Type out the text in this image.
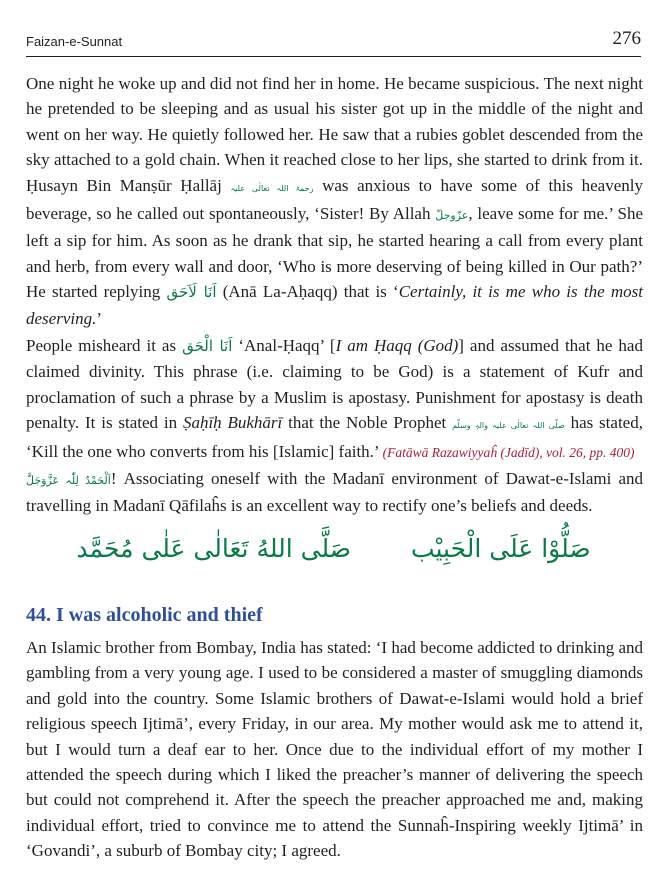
Faizan-e-Sunnat	276

One night he woke up and did not find her in home. He became suspicious. The next night he pretended to be sleeping and as usual his sister got up in the middle of the night and went on her way. He quietly followed her. He saw that a rubies goblet descended from the sky attached to a gold chain. When it reached close to her lips, she started to drink from it. Ḥusayn Bin Manṣūr Ḥallāj رحمۃ اللہ تعالٰی علیہ was anxious to have some of this heavenly beverage, so he called out spontaneously, ‘Sister! By Allah عزّوجلّ, leave some for me.’ She left a sip for him. As soon as he drank that sip, he started hearing a call from every plant and herb, from every wall and door, ‘Who is more deserving of being killed in Our path?’ He started replying اَنَا لَاَحَق (Anā La-Aḥaqq) that is ‘Certainly, it is me who is the most deserving.’

People misheard it as اَنَا الْحَق ‘Anal-Ḥaqq’ [I am Ḥaqq (God)] and assumed that he had claimed divinity. This phrase (i.e. claiming to be God) is a statement of Kufr and proclamation of such a phrase by a Muslim is apostasy. Punishment for apostasy is death penalty. It is stated in Ṣaḥīḥ Bukhārī that the Noble Prophet صلّی اللہ تعالٰی علیہ والہٖ وسلّم has stated, ‘Kill the one who converts from his [Islamic] faith.’ (Fatāwā Razawiyyaĥ (Jadīd), vol. 26, pp. 400)

اَلْحَمْدُ لِلّٰہ عَزَّوَجَلَّ! Associating oneself with the Madanī environment of Dawat-e-Islami and travelling in Madanī Qāfilaĥs is an excellent way to rectify one’s beliefs and deeds.

صَلُّوْا عَلَى الْحَبِیْب صَلَّى اللهُ تَعَالٰى عَلٰى مُحَمَّد
44. I was alcoholic and thief

An Islamic brother from Bombay, India has stated: ‘I had become addicted to drinking and gambling from a very young age. I used to be considered a master of smuggling diamonds and gold into the country. Some Islamic brothers of Dawat-e-Islami would hold a brief religious speech Ijtimā’, every Friday, in our area. My mother would ask me to attend it, but I would turn a deaf ear to her. Once due to the individual effort of my mother I attended the speech during which I liked the preacher’s manner of delivering the speech but could not comprehend it. After the speech the preacher approached me and, making individual effort, tried to convince me to attend the Sunnaĥ-Inspiring weekly Ijtimā’ in ‘Govandi’, a suburb of Bombay city; I agreed.
